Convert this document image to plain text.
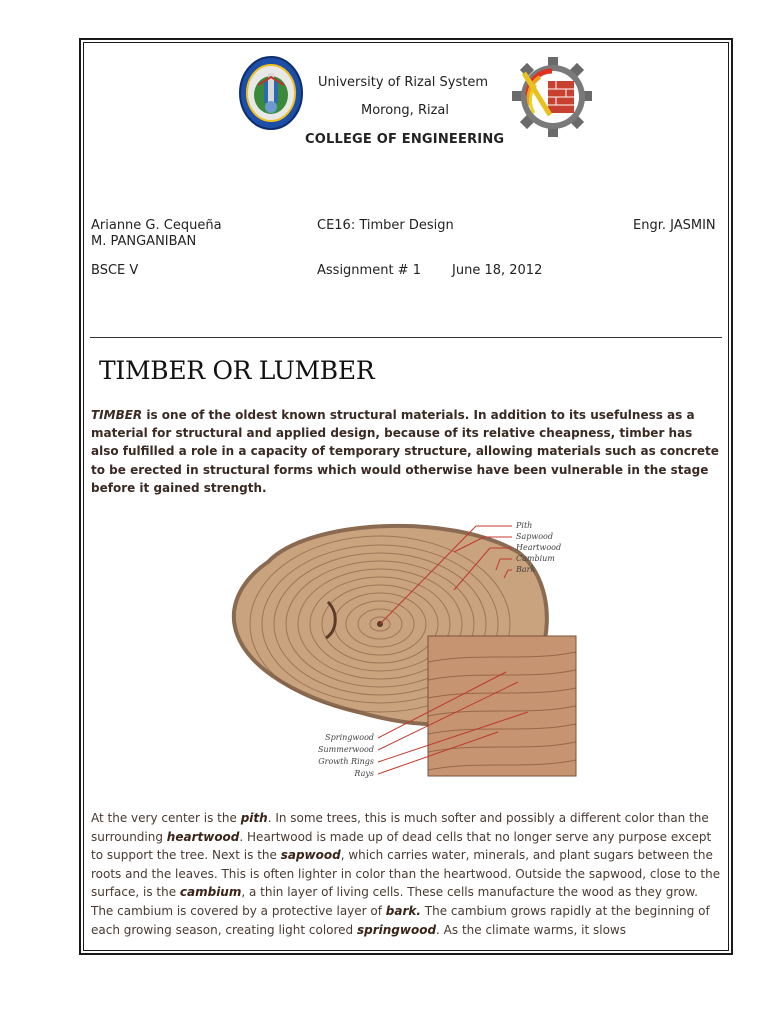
University of Rizal System
Morong, Rizal
COLLEGE OF ENGINEERING
Arianne G. Cequeña
M. PANGANIBAN
CE16: Timber Design	Engr. JASMIN
BSCE V	Assignment # 1 June 18, 2012
TIMBER OR LUMBER
TIMBER is one of the oldest known structural materials. In addition to its usefulness as a material for structural and applied design, because of its relative cheapness, timber has also fulfilled a role in a capacity of temporary structure, allowing materials such as concrete to be erected in structural forms which would otherwise have been vulnerable in the stage before it gained strength.
Pith
Sapwood
Heartwood
Cambium
Bark
Springwood
Summerwood
Growth Rings
Rays
At the very center is the pith. In some trees, this is much softer and possibly a different color than the surrounding heartwood. Heartwood is made up of dead cells that no longer serve any purpose except to support the tree. Next is the sapwood, which carries water, minerals, and plant sugars between the roots and the leaves. This is often lighter in color than the heartwood. Outside the sapwood, close to the surface, is the cambium, a thin layer of living cells. These cells manufacture the wood as they grow. The cambium is covered by a protective layer of bark. The cambium grows rapidly at the beginning of each growing season, creating light colored springwood. As the climate warms, it slows
